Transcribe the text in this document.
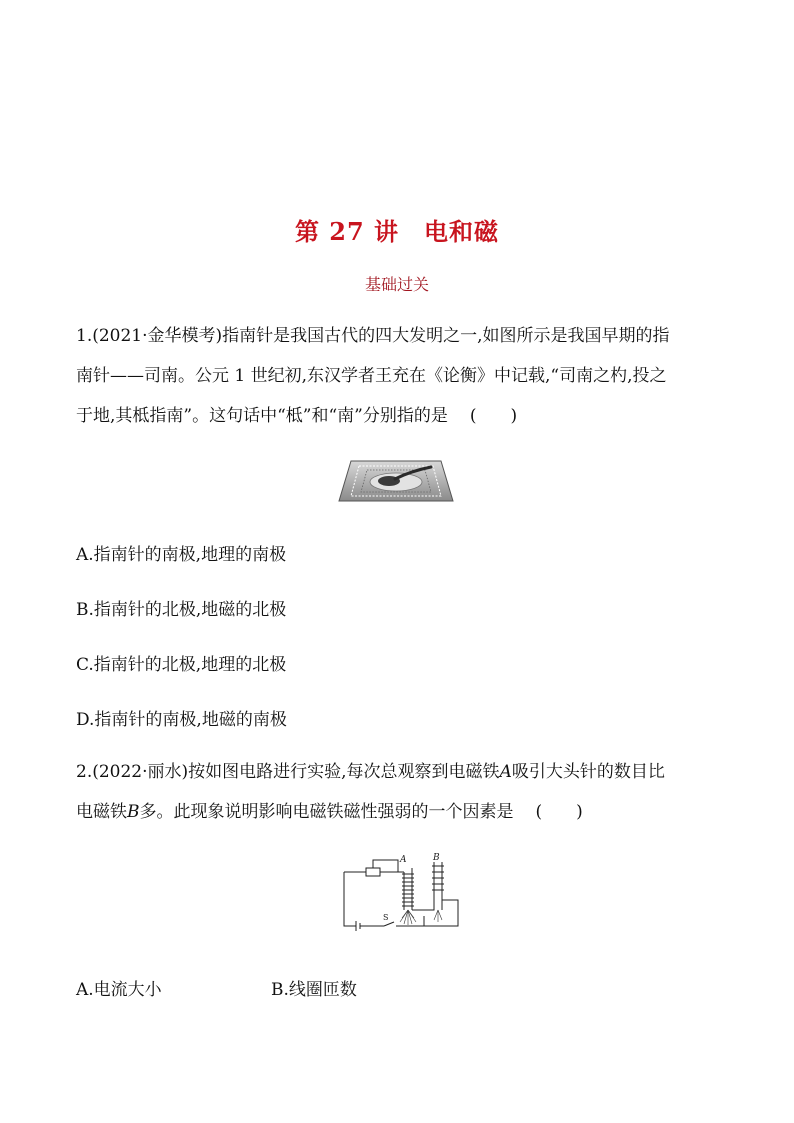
第 27 讲　电和磁
基础过关
1.(2021·金华模考)指南针是我国古代的四大发明之一,如图所示是我国早期的指
南针——司南。公元 1 世纪初,东汉学者王充在《论衡》中记载,“司南之杓,投之
于地,其柢指南”。这句话中“柢”和“南”分别指的是 (　　)
A.指南针的南极,地理的南极
B.指南针的北极,地磁的北极
C.指南针的北极,地理的北极
D.指南针的南极,地磁的南极
2.(2022·丽水)按如图电路进行实验,每次总观察到电磁铁A吸引大头针的数目比
电磁铁B多。此现象说明影响电磁铁磁性强弱的一个因素是 (　　)
A	B
S
A.电流大小	B.线圈匝数
